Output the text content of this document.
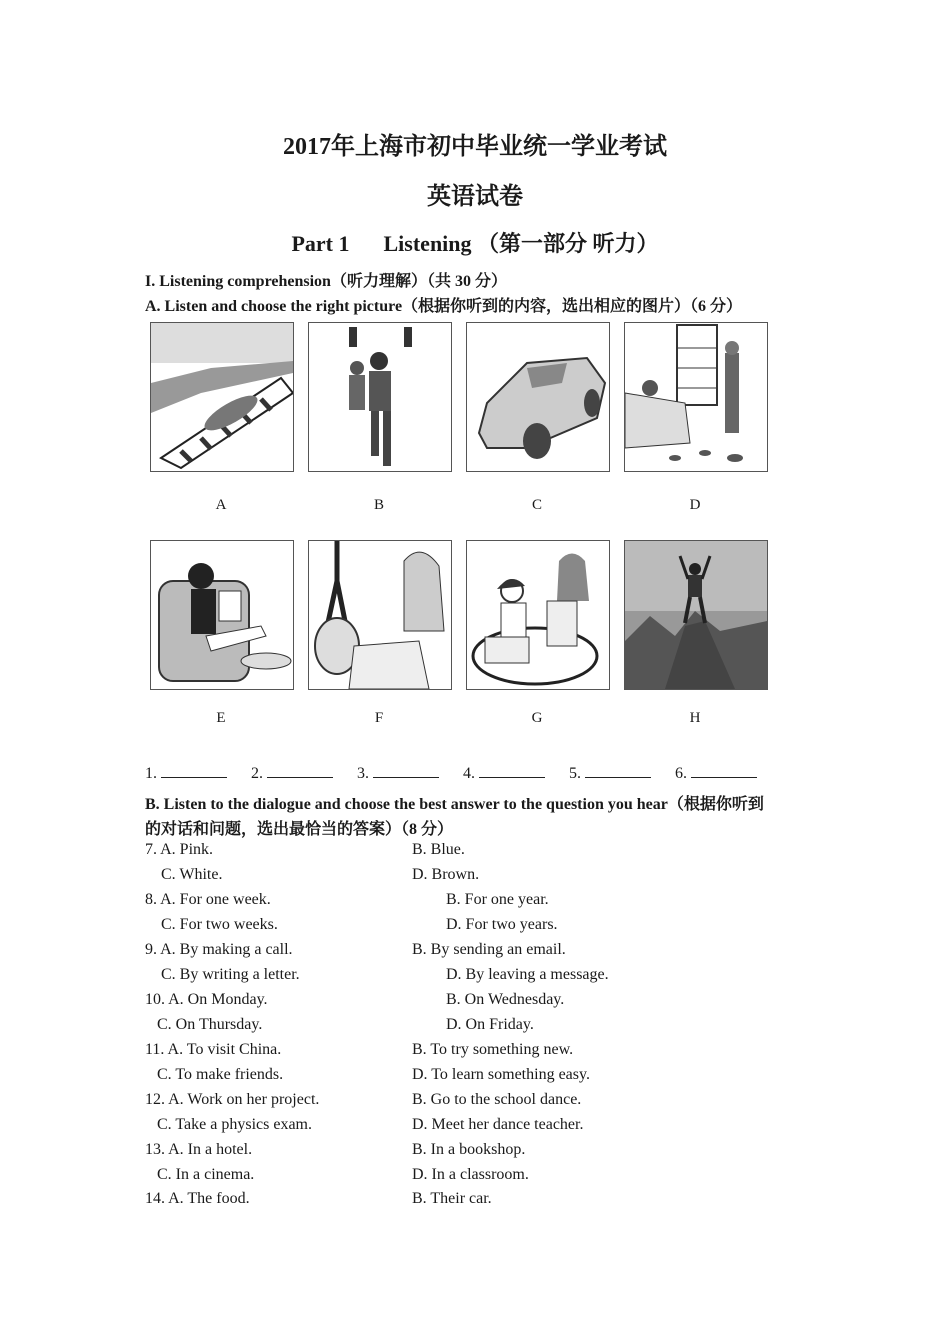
2017年上海市初中毕业统一学业考试
英语试卷
Part 1 Listening （第一部分 听力）
I. Listening comprehension（听力理解）（共 30 分）
A. Listen and choose the right picture（根据你听到的内容，选出相应的图片）（6 分）
A	B	C	D
E	F	G	H
1.	2.	3.	4.	5.	6.
B. Listen to the dialogue and choose the best answer to the question you hear（根据你听到
的对话和问题，选出最恰当的答案）（8 分）
7. A. Pink.	B. Blue.
C. White.	D. Brown.
8. A. For one week.	B. For one year.
C. For two weeks.	D. For two years.
9. A. By making a call.	B. By sending an email.
C. By writing a letter.	D. By leaving a message.
10. A. On Monday.	B. On Wednesday.
C. On Thursday.	D. On Friday.
11. A. To visit China.	B. To try something new.
C. To make friends.	D. To learn something easy.
12. A. Work on her project.	B. Go to the school dance.
C. Take a physics exam.	D. Meet her dance teacher.
13. A. In a hotel.	B. In a bookshop.
C. In a cinema.	D. In a classroom.
14. A. The food.	B. Their car.
